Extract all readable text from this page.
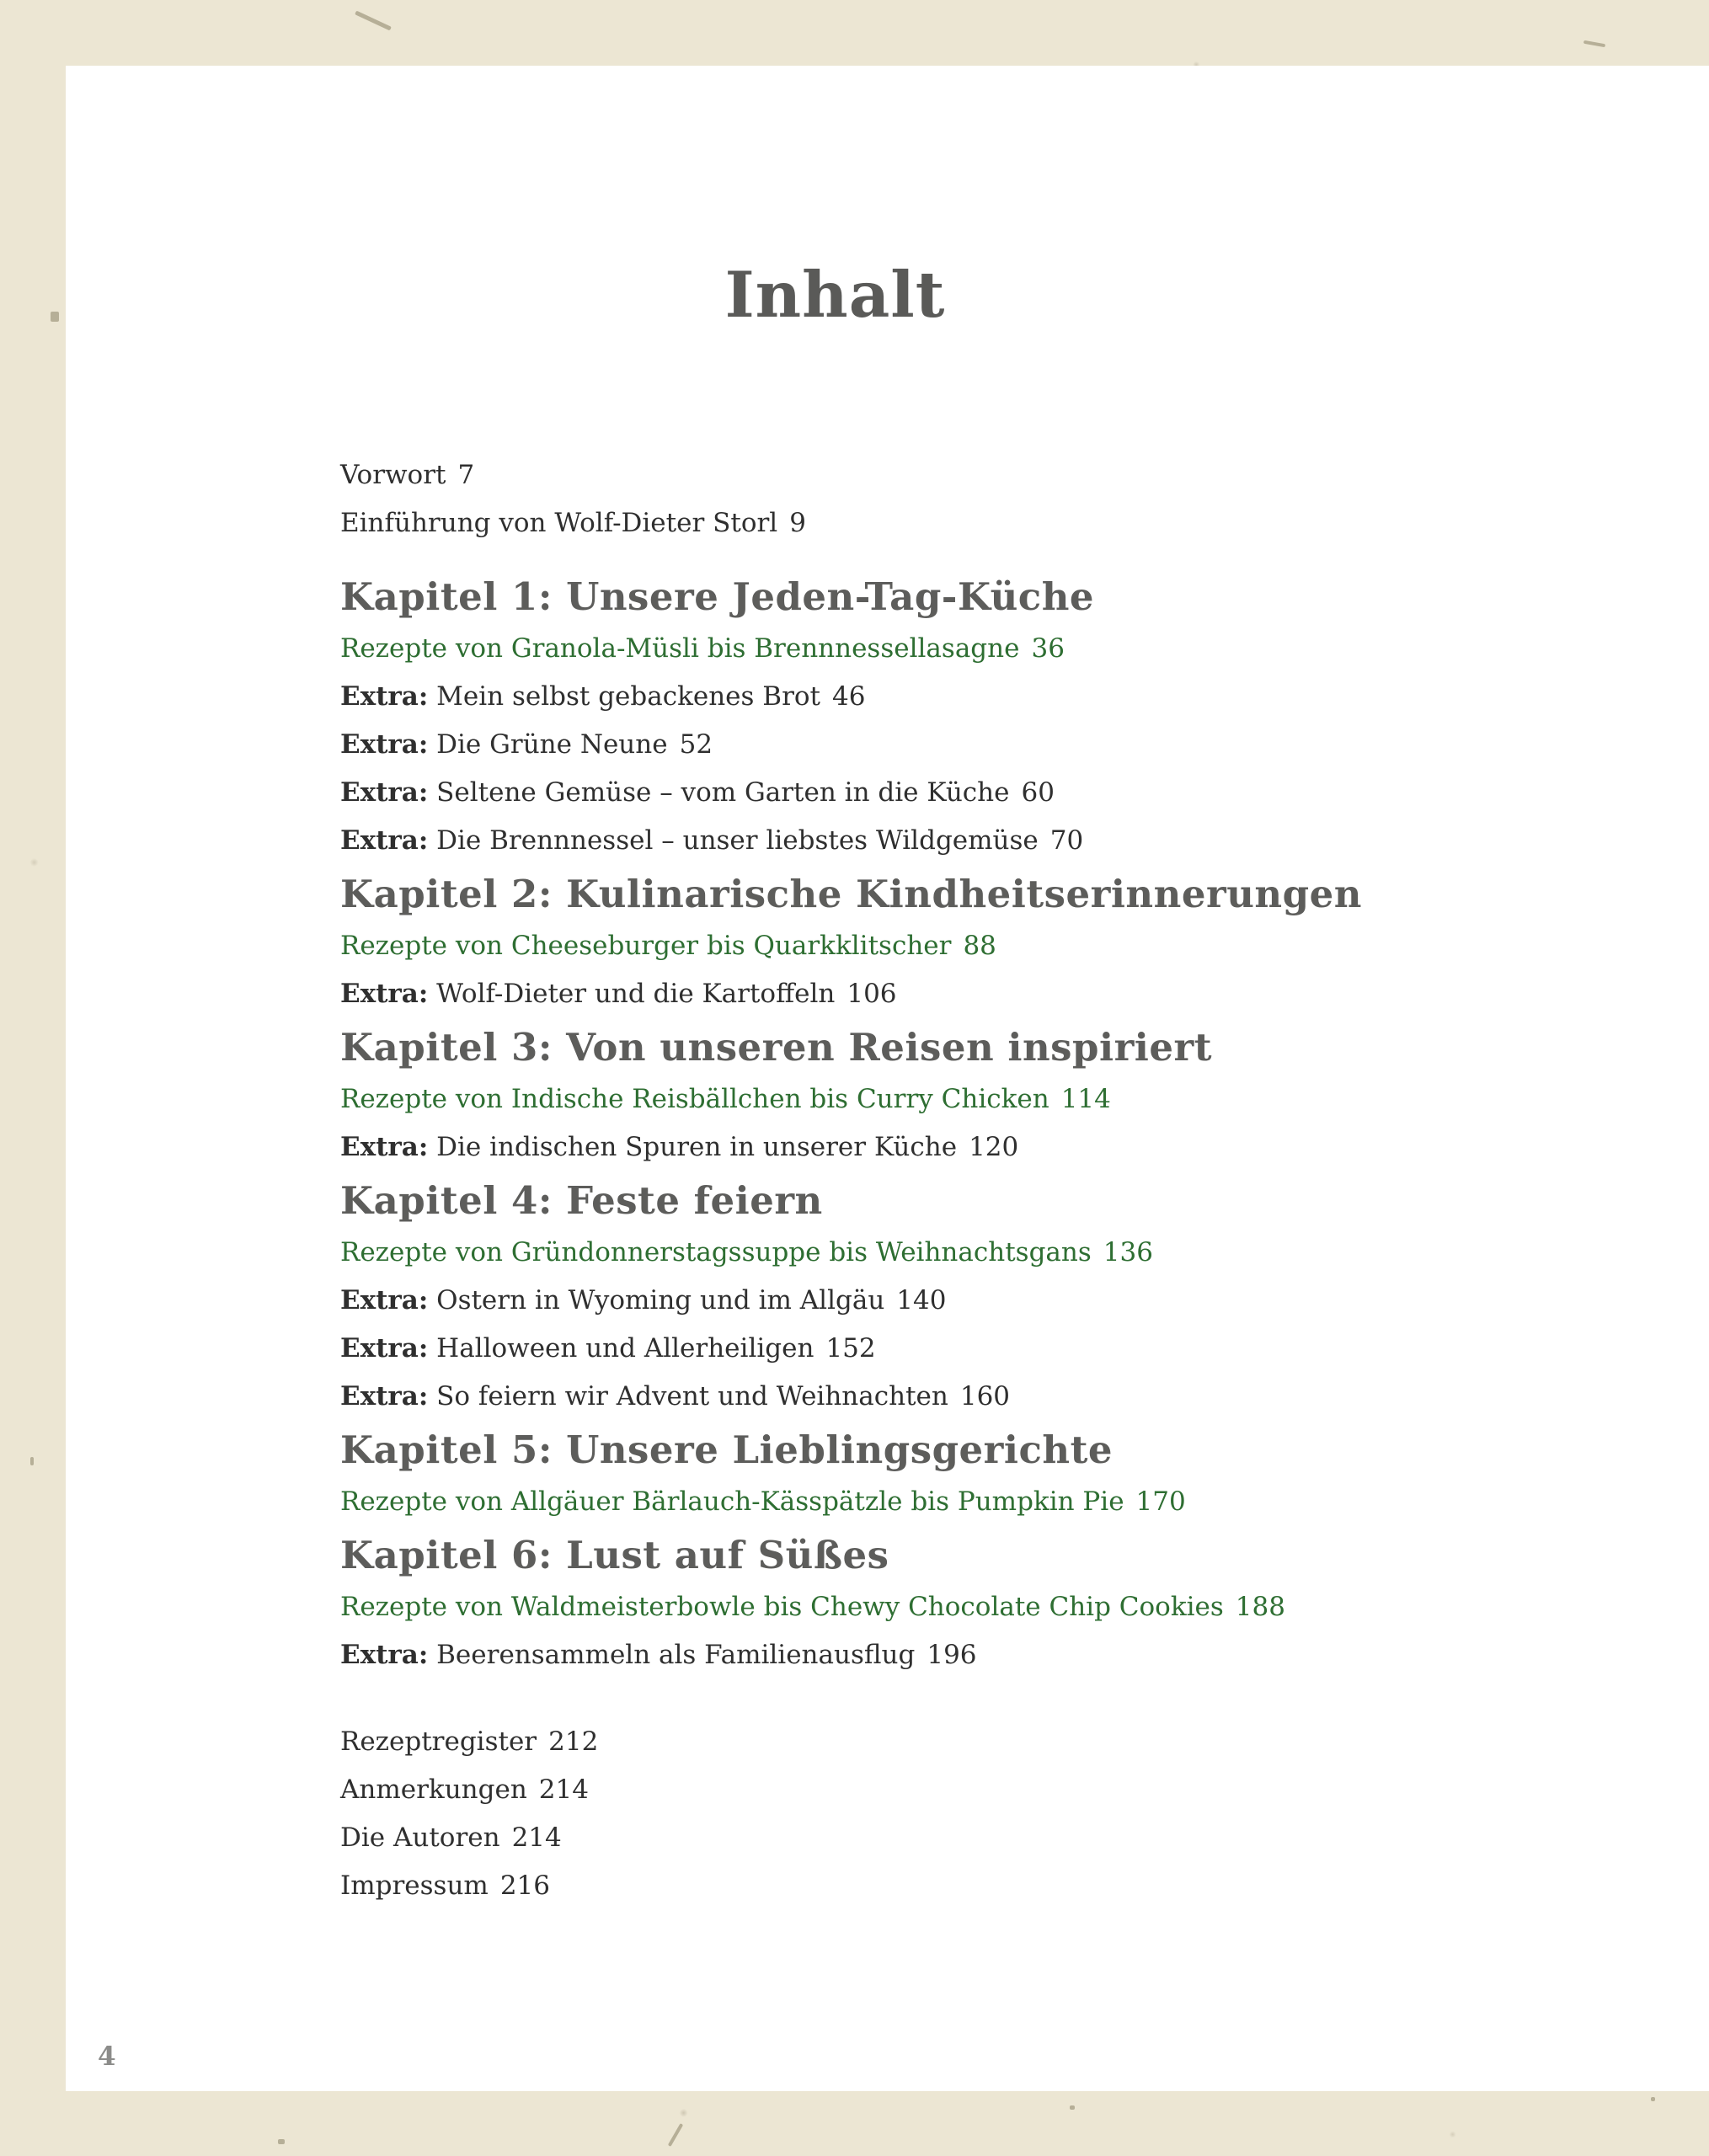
Inhalt
Vorwort 7
Einführung von Wolf-Dieter Storl 9
Kapitel 1: Unsere Jeden-Tag-Küche
Rezepte von Granola-Müsli bis Brennnessellasagne 36
Extra: Mein selbst gebackenes Brot 46
Extra: Die Grüne Neune 52
Extra: Seltene Gemüse – vom Garten in die Küche 60
Extra: Die Brennnessel – unser liebstes Wildgemüse 70
Kapitel 2: Kulinarische Kindheitserinnerungen
Rezepte von Cheeseburger bis Quarkklitscher 88
Extra: Wolf-Dieter und die Kartoffeln 106
Kapitel 3: Von unseren Reisen inspiriert
Rezepte von Indische Reisbällchen bis Curry Chicken 114
Extra: Die indischen Spuren in unserer Küche 120
Kapitel 4: Feste feiern
Rezepte von Gründonnerstagssuppe bis Weihnachtsgans 136
Extra: Ostern in Wyoming und im Allgäu 140
Extra: Halloween und Allerheiligen 152
Extra: So feiern wir Advent und Weihnachten 160
Kapitel 5: Unsere Lieblingsgerichte
Rezepte von Allgäuer Bärlauch-Kässpätzle bis Pumpkin Pie 170
Kapitel 6: Lust auf Süßes
Rezepte von Waldmeisterbowle bis Chewy Chocolate Chip Cookies 188
Extra: Beerensammeln als Familienausflug 196
Rezeptregister 212
Anmerkungen 214
Die Autoren 214
Impressum 216
4
